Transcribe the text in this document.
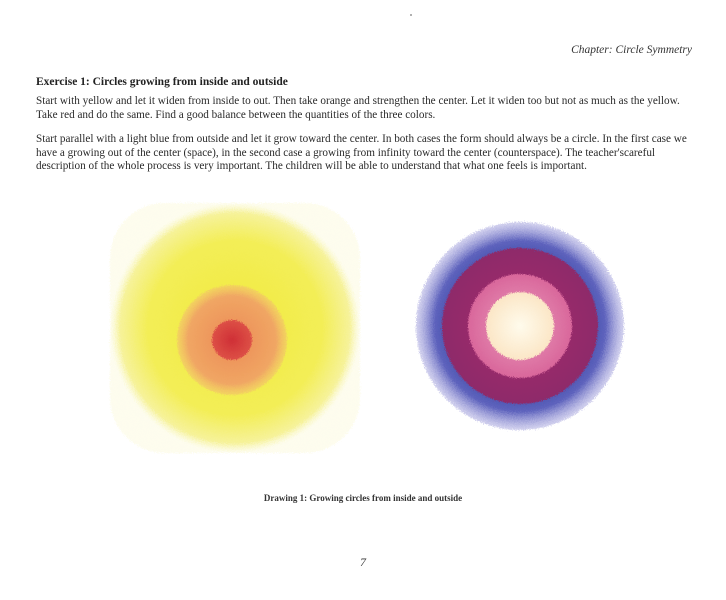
Chapter: Circle Symmetry
Exercise 1: Circles growing from inside and outside

Start with yellow and let it widen from inside to out. Then take orange and strengthen the center. Let it widen too but not as much as the yellow. Take red and do the same. Find a good balance between the quantities of the three colors.

Start parallel with a light blue from outside and let it grow toward the center. In both cases the form should always be a circle. In the first case we have a growing out of the center (space), in the second case a growing from infinity toward the center (counterspace). The teacher'scareful description of the whole process is very important. The children will be able to understand that what one feels is important.

Drawing 1: Growing circles from inside and outside
7
